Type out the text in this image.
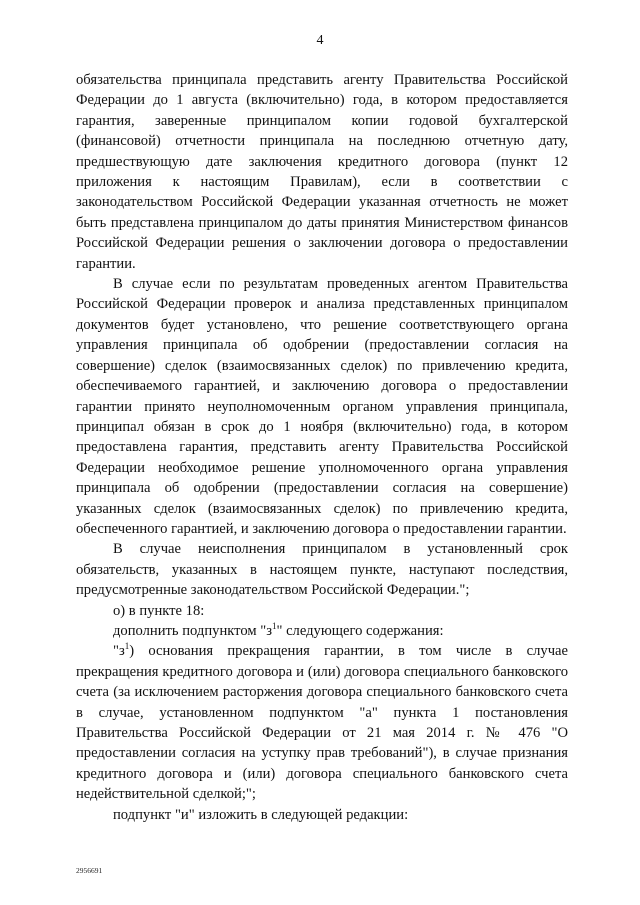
4

обязательства принципала представить агенту Правительства Российской Федерации до 1 августа (включительно) года, в котором предоставляется гарантия, заверенные принципалом копии годовой бухгалтерской (финансовой) отчетности принципала на последнюю отчетную дату, предшествующую дате заключения кредитного договора (пункт 12 приложения к настоящим Правилам), если в соответствии с законодательством Российской Федерации указанная отчетность не может быть представлена принципалом до даты принятия Министерством финансов Российской Федерации решения о заключении договора о предоставлении гарантии.

В случае если по результатам проведенных агентом Правительства Российской Федерации проверок и анализа представленных принципалом документов будет установлено, что решение соответствующего органа управления принципала об одобрении (предоставлении согласия на совершение) сделок (взаимосвязанных сделок) по привлечению кредита, обеспечиваемого гарантией, и заключению договора о предоставлении гарантии принято неуполномоченным органом управления принципала, принципал обязан в срок до 1 ноября (включительно) года, в котором предоставлена гарантия, представить агенту Правительства Российской Федерации необходимое решение уполномоченного органа управления принципала об одобрении (предоставлении согласия на совершение) указанных сделок (взаимосвязанных сделок) по привлечению кредита, обеспеченного гарантией, и заключению договора о предоставлении гарантии.

В случае неисполнения принципалом в установленный срок обязательств, указанных в настоящем пункте, наступают последствия, предусмотренные законодательством Российской Федерации.";

о) в пункте 18:

дополнить подпунктом "$з^1$" следующего содержания:

"$з^1$) основания прекращения гарантии, в том числе в случае прекращения кредитного договора и (или) договора специального банковского счета (за исключением расторжения договора специального банковского счета в случае, установленном подпунктом "а" пункта 1 постановления Правительства Российской Федерации от 21 мая 2014 г. № 476 "О предоставлении согласия на уступку прав требований"), в случае признания кредитного договора и (или) договора специального банковского счета недействительной сделкой;";

подпункт "и" изложить в следующей редакции:

2956691
